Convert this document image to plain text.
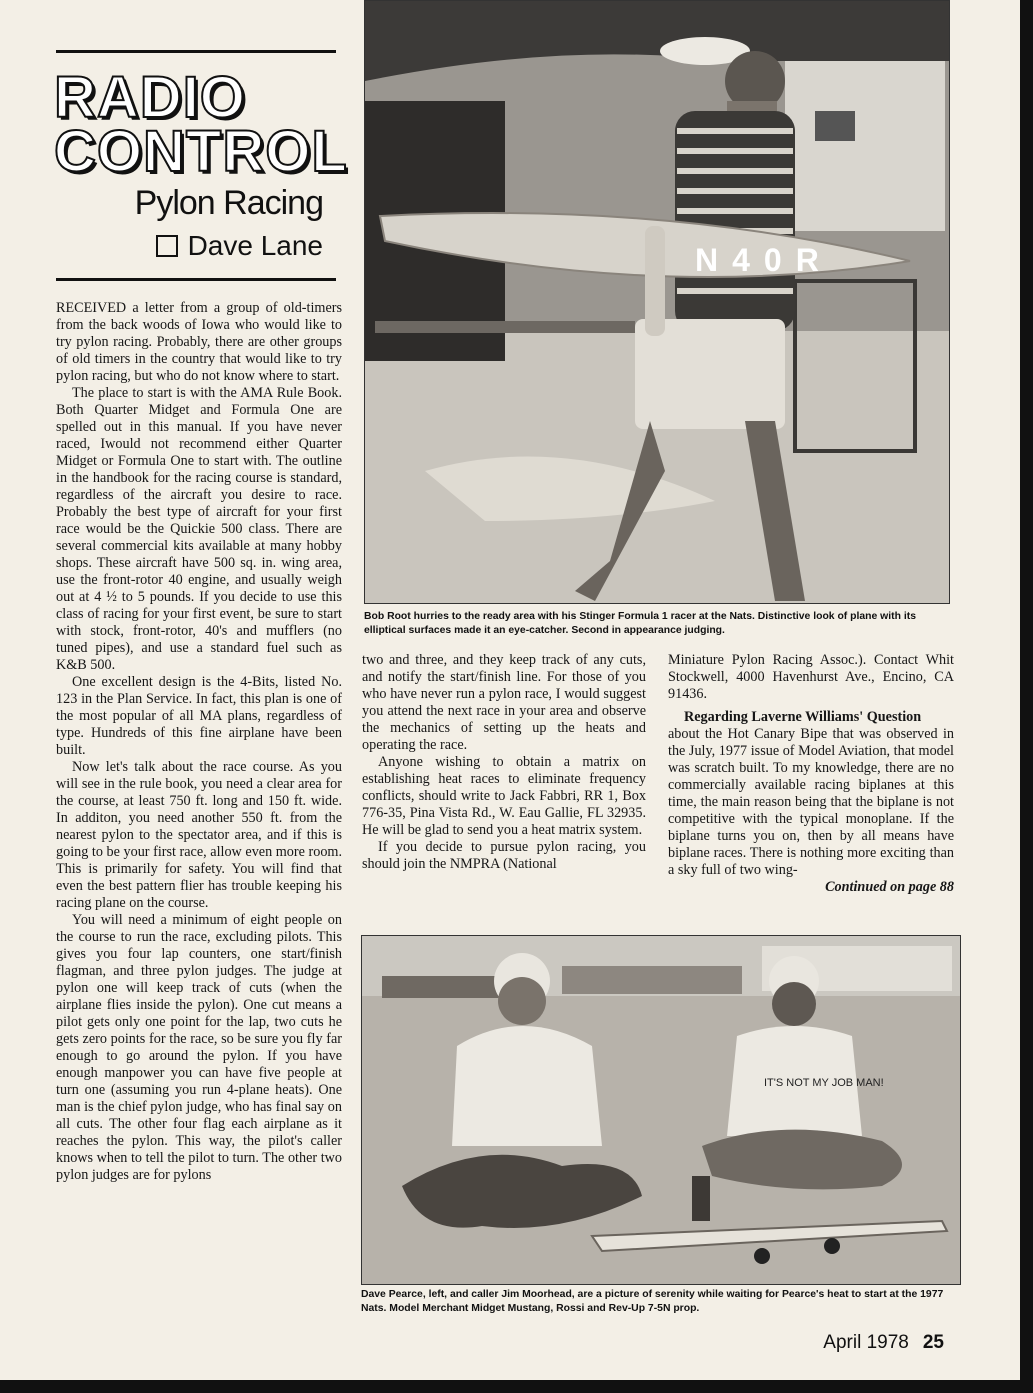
RADIO
CONTROL
Pylon Racing
Dave Lane

RECEIVED a letter from a group of old-timers from the back woods of Iowa who would like to try pylon racing. Probably, there are other groups of old timers in the country that would like to try pylon racing, but who do not know where to start.

The place to start is with the AMA Rule Book. Both Quarter Midget and Formula One are spelled out in this manual. If you have never raced, Iwould not recommend either Quarter Midget or Formula One to start with. The outline in the handbook for the racing course is standard, regardless of the aircraft you desire to race. Probably the best type of aircraft for your first race would be the Quickie 500 class. There are several commercial kits available at many hobby shops. These aircraft have 500 sq. in. wing area, use the front-rotor 40 engine, and usually weigh out at 4 ½ to 5 pounds. If you decide to use this class of racing for your first event, be sure to start with stock, front-rotor, 40's and mufflers (no tuned pipes), and use a standard fuel such as K&B 500.

One excellent design is the 4-Bits, listed No. 123 in the Plan Service. In fact, this plan is one of the most popular of all MA plans, regardless of type. Hundreds of this fine airplane have been built.

Now let's talk about the race course. As you will see in the rule book, you need a clear area for the course, at least 750 ft. long and 150 ft. wide. In additon, you need another 550 ft. from the nearest pylon to the spectator area, and if this is going to be your first race, allow even more room. This is primarily for safety. You will find that even the best pattern flier has trouble keeping his racing plane on the course.

You will need a minimum of eight people on the course to run the race, excluding pilots. This gives you four lap counters, one start/finish flagman, and three pylon judges. The judge at pylon one will keep track of cuts (when the airplane flies inside the pylon). One cut means a pilot gets only one point for the lap, two cuts he gets zero points for the race, so be sure you fly far enough to go around the pylon. If you have enough manpower you can have five people at turn one (assuming you run 4-plane heats). One man is the chief pylon judge, who has final say on all cuts. The other four flag each airplane as it reaches the pylon. This way, the pilot's caller knows when to tell the pilot to turn. The other two pylon judges are for pylons

N40R
Bob Root hurries to the ready area with his Stinger Formula 1 racer at the Nats. Distinctive look of plane with its elliptical surfaces made it an eye-catcher. Second in appearance judging.

two and three, and they keep track of any cuts, and notify the start/finish line. For those of you who have never run a pylon race, I would suggest you attend the next race in your area and observe the mechanics of setting up the heats and operating the race.

Anyone wishing to obtain a matrix on establishing heat races to eliminate frequency conflicts, should write to Jack Fabbri, RR 1, Box 776-35, Pina Vista Rd., W. Eau Gallie, FL 32935. He will be glad to send you a heat matrix system.

If you decide to pursue pylon racing, you should join the NMPRA (National

Miniature Pylon Racing Assoc.). Contact Whit Stockwell, 4000 Havenhurst Ave., Encino, CA 91436.

Regarding Laverne Williams' Question

about the Hot Canary Bipe that was observed in the July, 1977 issue of Model Aviation, that model was scratch built. To my knowledge, there are no commercially available racing biplanes at this time, the main reason being that the biplane is not competitive with the typical monoplane. If the biplane turns you on, then by all means have biplane races. There is nothing more exciting than a sky full of two wing-

Continued on page 88

IT'S NOT MY JOB MAN!
Dave Pearce, left, and caller Jim Moorhead, are a picture of serenity while waiting for Pearce's heat to start at the 1977 Nats. Model Merchant Midget Mustang, Rossi and Rev-Up 7-5N prop.
April 1978 25
